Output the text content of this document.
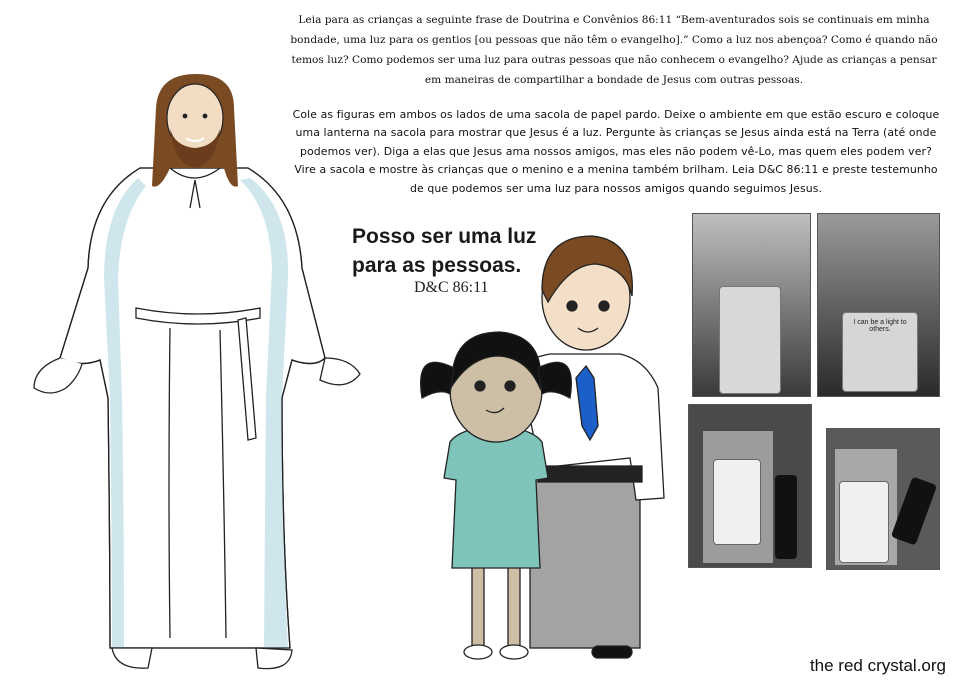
Leia para as crianças a seguinte frase de Doutrina e Convênios 86:11 “Bem-aventurados sois se continuais em minha bondade, uma luz para os gentios [ou pessoas que não têm o evangelho].” Como a luz nos abençoa? Como é quando não temos luz? Como podemos ser uma luz para outras pessoas que não conhecem o evangelho? Ajude as crianças a pensar em maneiras de compartilhar a bondade de Jesus com outras pessoas.

Cole as figuras em ambos os lados de uma sacola de papel pardo. Deixe o ambiente em que estão escuro e coloque uma lanterna na sacola para mostrar que Jesus é a luz. Pergunte às crianças se Jesus ainda está na Terra (até onde podemos ver). Diga a elas que Jesus ama nossos amigos, mas eles não podem vê-Lo, mas quem eles podem ver? Vire a sacola e mostre às crianças que o menino e a menina também brilham. Leia D&C 86:11 e preste testemunho de que podemos ser uma luz para nossos amigos quando seguimos Jesus.

Posso ser uma luz
para as pessoas.

D&C 86:11

I can be a light to others.

the red crystal.org
